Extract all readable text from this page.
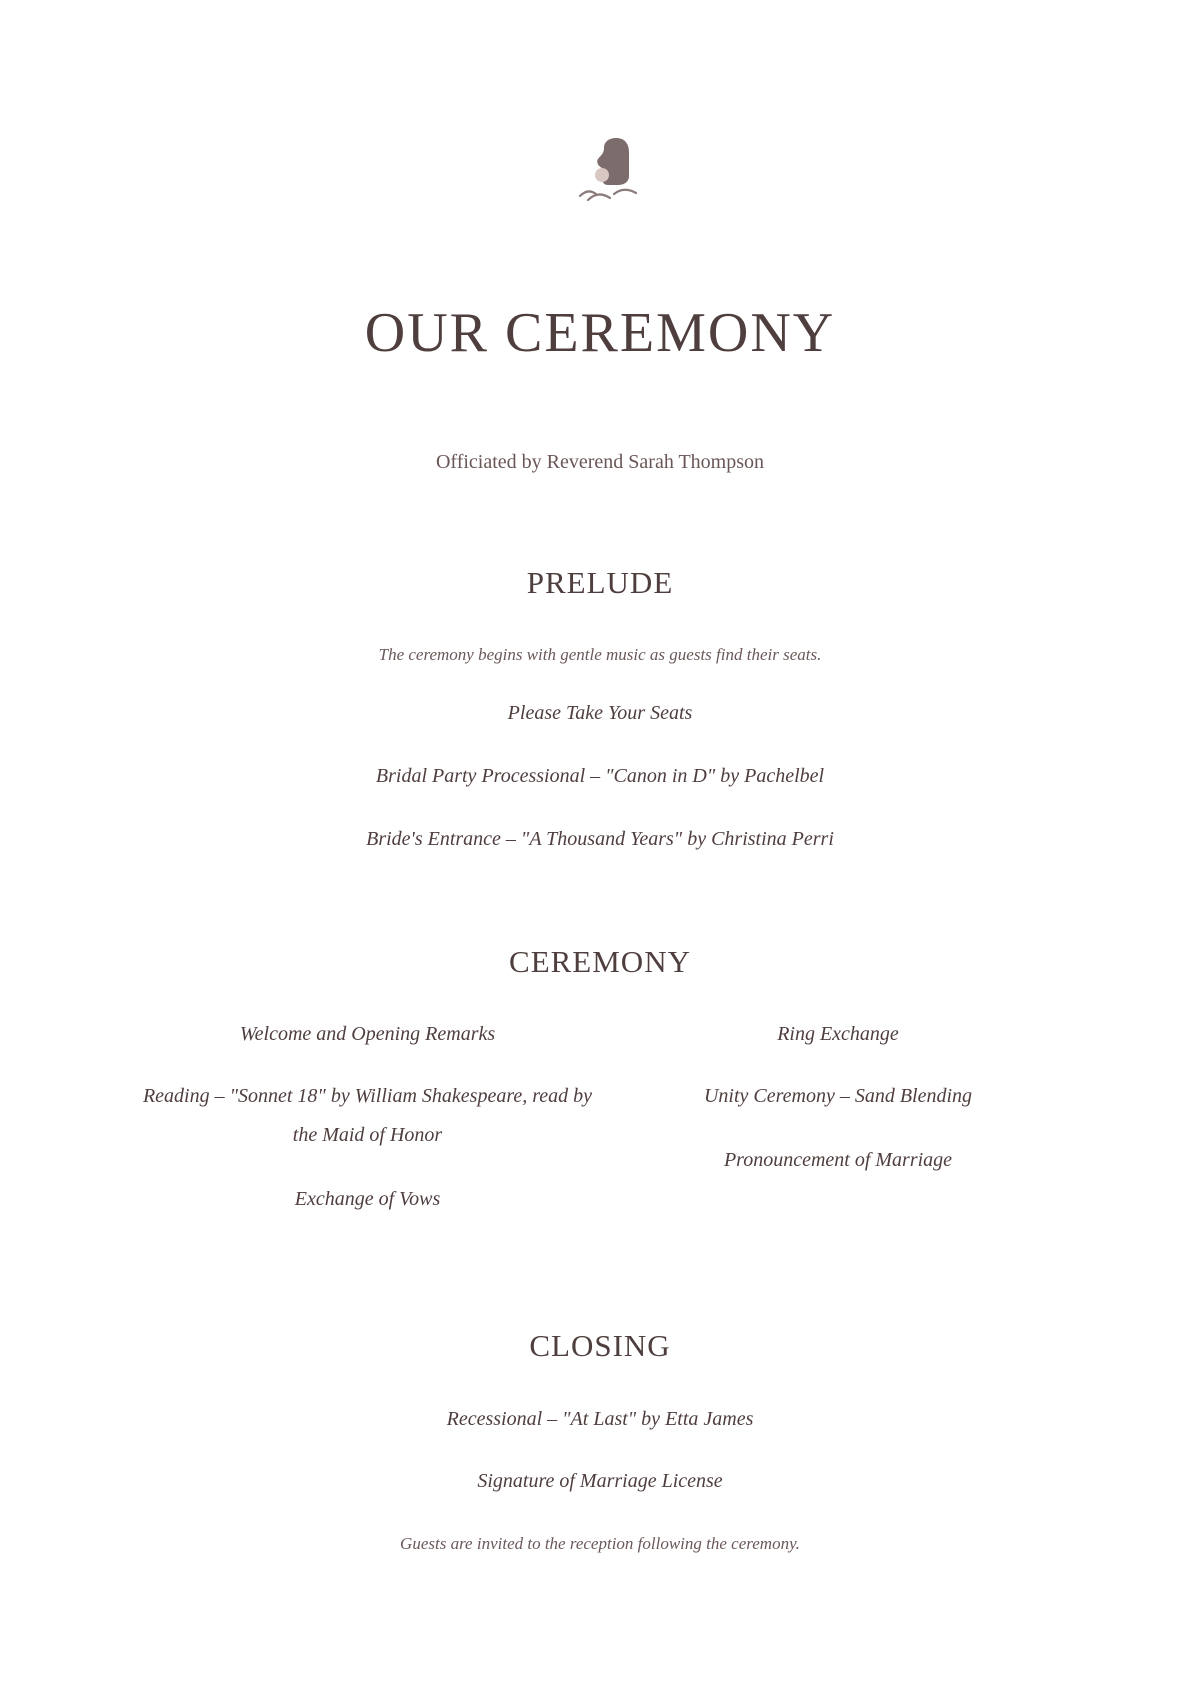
OUR CEREMONY
Officiated by Reverend Sarah Thompson
PRELUDE
The ceremony begins with gentle music as guests find their seats.
Please Take Your Seats
Bridal Party Processional – "Canon in D" by Pachelbel
Bride's Entrance – "A Thousand Years" by Christina Perri
CEREMONY
Welcome and Opening Remarks
Reading – "Sonnet 18" by William Shakespeare, read by the Maid of Honor
Exchange of Vows
Ring Exchange
Unity Ceremony – Sand Blending
Pronouncement of Marriage
CLOSING
Recessional – "At Last" by Etta James
Signature of Marriage License
Guests are invited to the reception following the ceremony.
